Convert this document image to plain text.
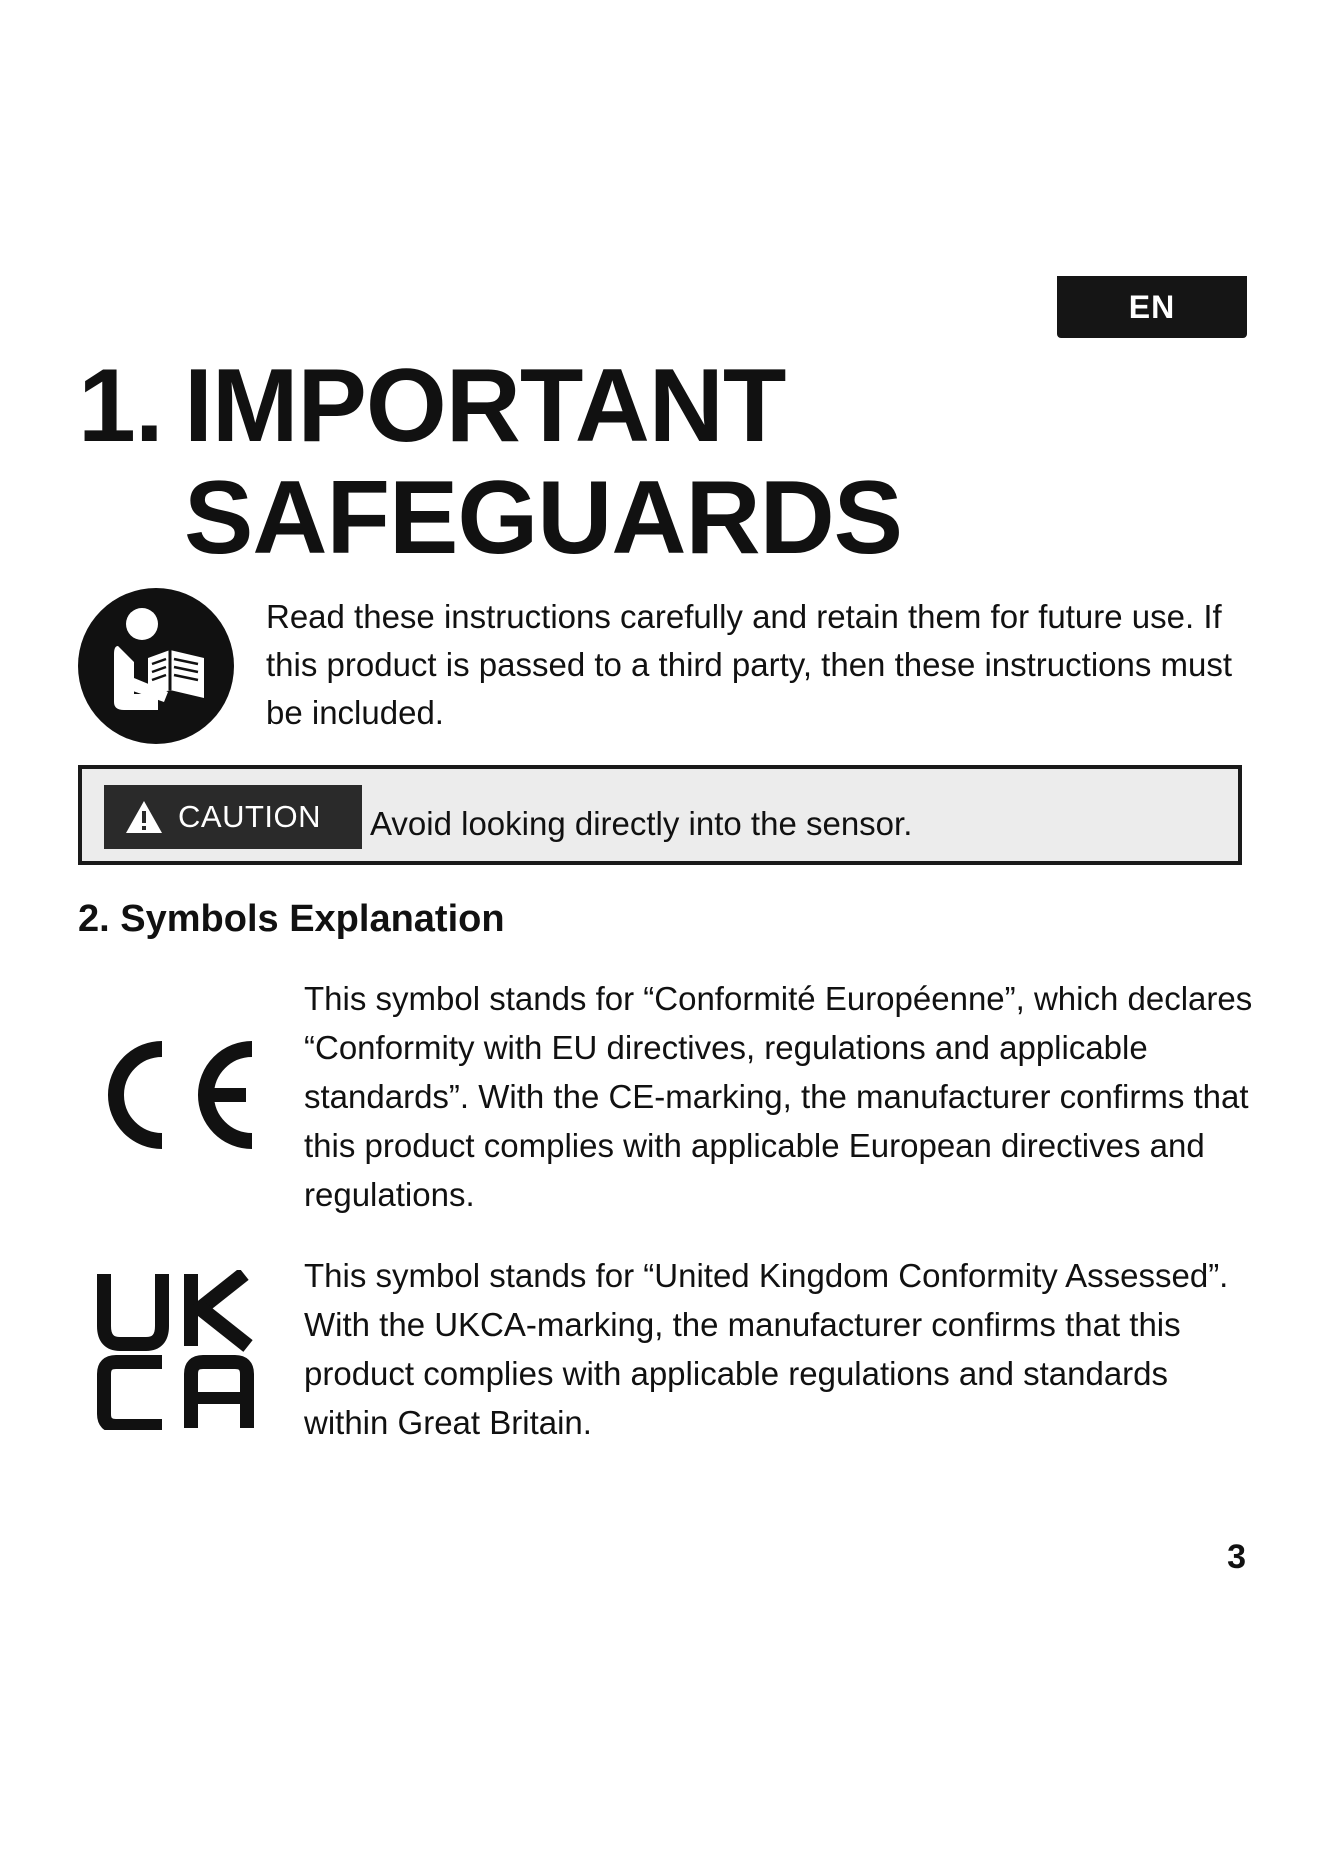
EN
1. IMPORTANT
SAFEGUARDS

Read these instructions carefully and retain them for future use. If this product is passed to a third party, then these instructions must be included.

CAUTION Avoid looking directly into the sensor.
2. Symbols Explanation

This symbol stands for “Conformité Européenne”, which declares “Conformity with EU directives, regulations and applicable standards”. With the CE-marking, the manufacturer confirms that this product complies with applicable European directives and regulations.

This symbol stands for “United Kingdom Conformity Assessed”. With the UKCA-marking, the manufacturer confirms that this product complies with applicable regulations and standards within Great Britain.

3
